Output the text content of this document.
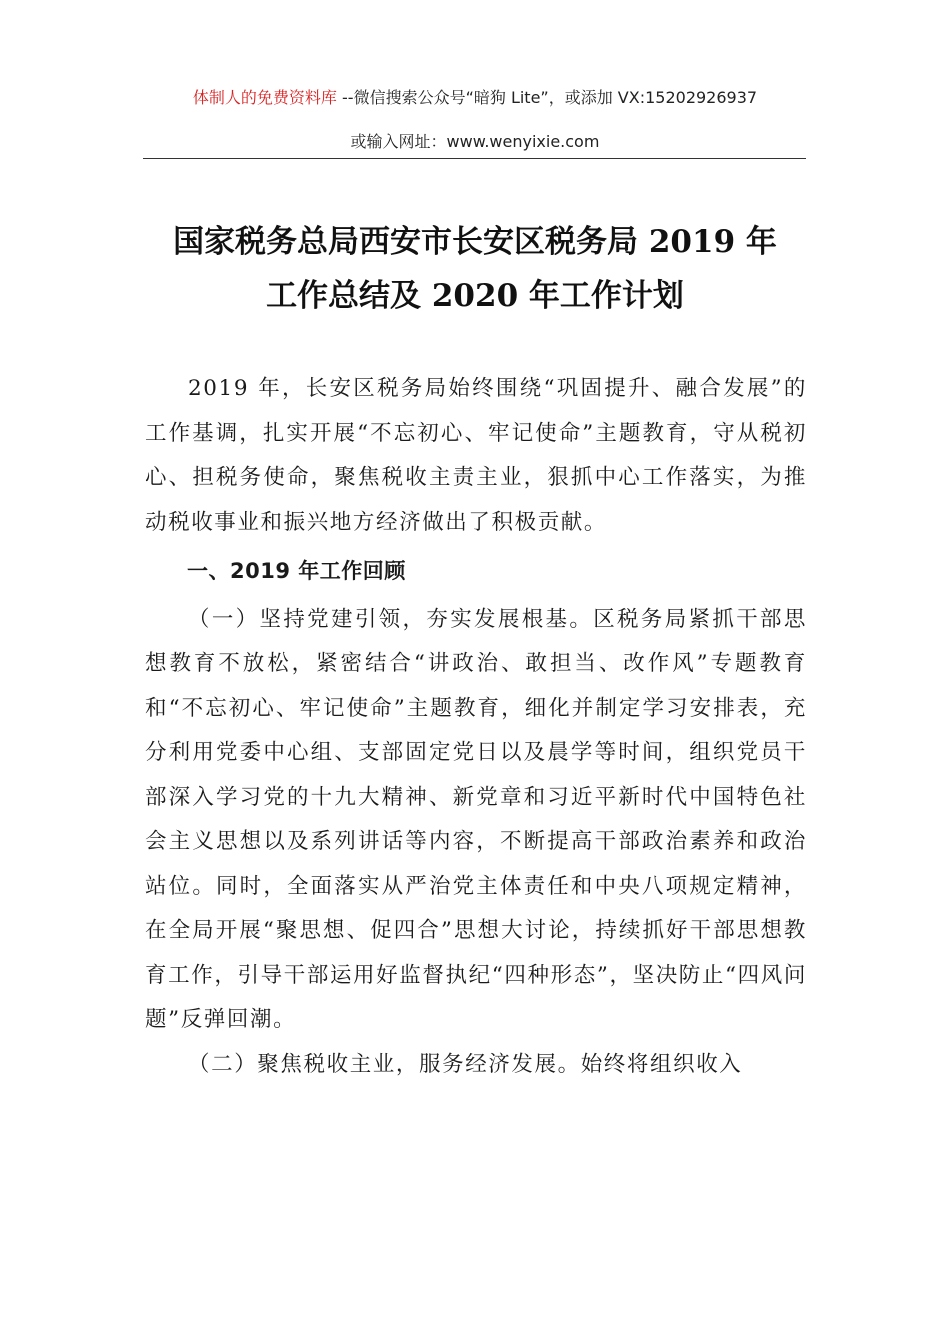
体制人的免费资料库 --微信搜索公众号“暗狗 Lite”，或添加 VX:15202926937
或输入网址：www.wenyixie.com
国家税务总局西安市长安区税务局 2019 年
工作总结及 2020 年工作计划

2019 年，长安区税务局始终围绕“巩固提升、融合发展”的工作基调，扎实开展“不忘初心、牢记使命”主题教育，守从税初心、担税务使命，聚焦税收主责主业，狠抓中心工作落实，为推动税收事业和振兴地方经济做出了积极贡献。

一、2019 年工作回顾

（一）坚持党建引领，夯实发展根基。区税务局紧抓干部思想教育不放松，紧密结合“讲政治、敢担当、改作风”专题教育和“不忘初心、牢记使命”主题教育，细化并制定学习安排表，充分利用党委中心组、支部固定党日以及晨学等时间，组织党员干部深入学习党的十九大精神、新党章和习近平新时代中国特色社会主义思想以及系列讲话等内容，不断提高干部政治素养和政治站位。同时，全面落实从严治党主体责任和中央八项规定精神，在全局开展“聚思想、促四合”思想大讨论，持续抓好干部思想教育工作，引导干部运用好监督执纪“四种形态”，坚决防止“四风问题”反弹回潮。

（二）聚焦税收主业，服务经济发展。始终将组织收入
